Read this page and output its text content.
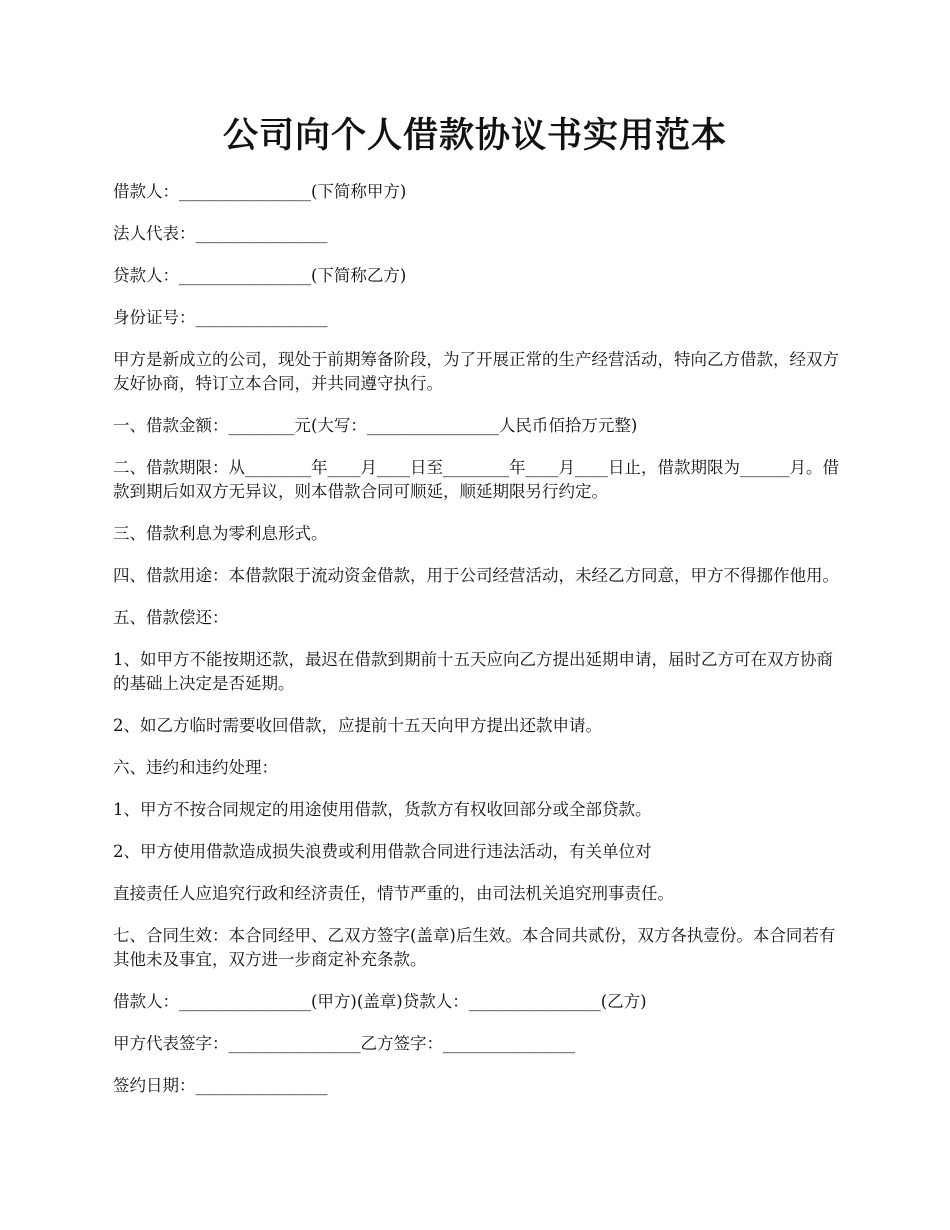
公司向个人借款协议书实用范本

借款人：________________(下简称甲方)

法人代表：________________

贷款人：________________(下简称乙方)

身份证号：________________

甲方是新成立的公司，现处于前期筹备阶段，为了开展正常的生产经营活动，特向乙方借款，经双方友好协商，特订立本合同，并共同遵守执行。

一、借款金额：________元(大写：________________人民币佰拾万元整)

二、借款期限：从________年____月____日至________年____月____日止，借款期限为______月。借款到期后如双方无异议，则本借款合同可顺延，顺延期限另行约定。

三、借款利息为零利息形式。

四、借款用途：本借款限于流动资金借款，用于公司经营活动，未经乙方同意，甲方不得挪作他用。

五、借款偿还：

1、如甲方不能按期还款，最迟在借款到期前十五天应向乙方提出延期申请，届时乙方可在双方协商的基础上决定是否延期。

2、如乙方临时需要收回借款，应提前十五天向甲方提出还款申请。

六、违约和违约处理：

1、甲方不按合同规定的用途使用借款，货款方有权收回部分或全部贷款。

2、甲方使用借款造成损失浪费或利用借款合同进行违法活动，有关单位对

直接责任人应追究行政和经济责任，情节严重的，由司法机关追究刑事责任。

七、合同生效：本合同经甲、乙双方签字(盖章)后生效。本合同共贰份，双方各执壹份。本合同若有其他未及事宜，双方进一步商定补充条款。

借款人：________________(甲方)(盖章)贷款人：________________(乙方)

甲方代表签字：________________乙方签字：________________

签约日期：________________
